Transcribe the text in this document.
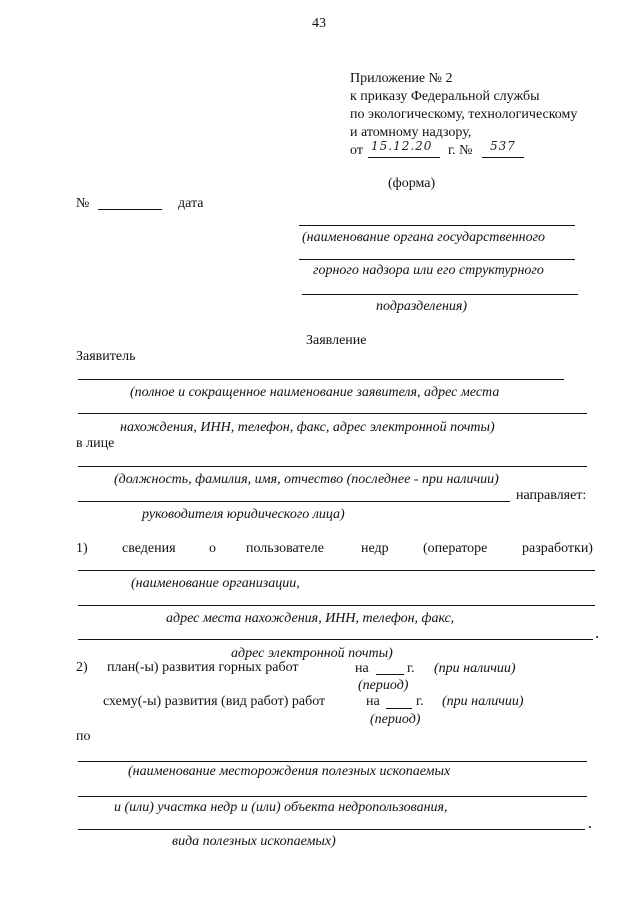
43
Приложение № 2
к приказу Федеральной службы
по экологическому, технологическому
и атомному надзору,
от 15.12.20 г. № 537
(форма)
№	дата
(наименование органа государственного
горного надзора или его структурного
подразделения)
Заявление
Заявитель
(полное и сокращенное наименование заявителя, адрес места
нахождения, ИНН, телефон, факс, адрес электронной почты)
в лице
(должность, фамилия, имя, отчество (последнее - при наличии)
направляет:
руководителя юридического лица)
1) сведения о пользователе	недр (операторе разработки)
(наименование организации,
адрес места нахождения, ИНН, телефон, факс,
адрес электронной почты)
2) план(-ы) развития горных работ	на	г. (при наличии)
(период)
схему(-ы) развития (вид работ) работ	на	г. (при наличии)
(период)
по
(наименование месторождения полезных ископаемых
и (или) участка недр и (или) объекта недропользования,
вида полезных ископаемых)
